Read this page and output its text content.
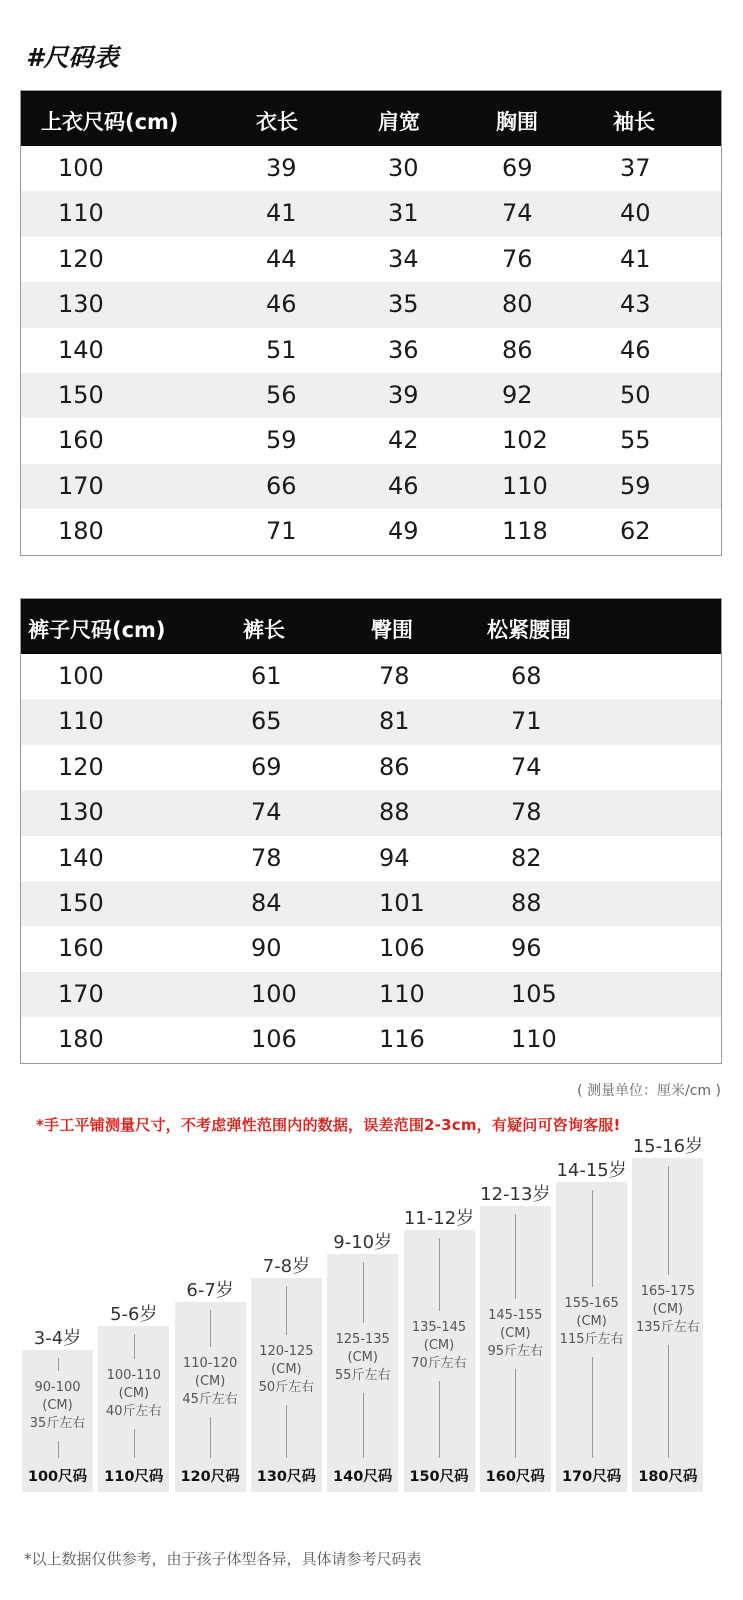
#尺码表
上衣尺码(cm)	衣长	肩宽	胸围	袖长
100	39	30	69	37
110	41	31	74	40
120	44	34	76	41
130	46	35	80	43
140	51	36	86	46
150	56	39	92	50
160	59	42	102	55
170	66	46	110	59
180	71	49	118	62
裤子尺码(cm)	裤长	臀围	松紧腰围
100	61	78	68
110	65	81	71
120	69	86	74
130	74	88	78
140	78	94	82
150	84	101	88
160	90	106	96
170	100	110	105
180	106	116	110
( 测量单位：厘米/cm )
*手工平铺测量尺寸，不考虑弹性范围内的数据，误差范围2-3cm，有疑问可咨询客服!
3-4岁
90-100
(CM)
35斤左右
100尺码
5-6岁
100-110
(CM)
40斤左右
110尺码
6-7岁
110-120
(CM)
45斤左右
120尺码
7-8岁
120-125
(CM)
50斤左右
130尺码
9-10岁
125-135
(CM)
55斤左右
140尺码
11-12岁
135-145
(CM)
70斤左右
150尺码
12-13岁
145-155
(CM)
95斤左右
160尺码
14-15岁
155-165
(CM)
115斤左右
170尺码
15-16岁
165-175
(CM)
135斤左右
180尺码
*以上数据仅供参考，由于孩子体型各异，具体请参考尺码表
